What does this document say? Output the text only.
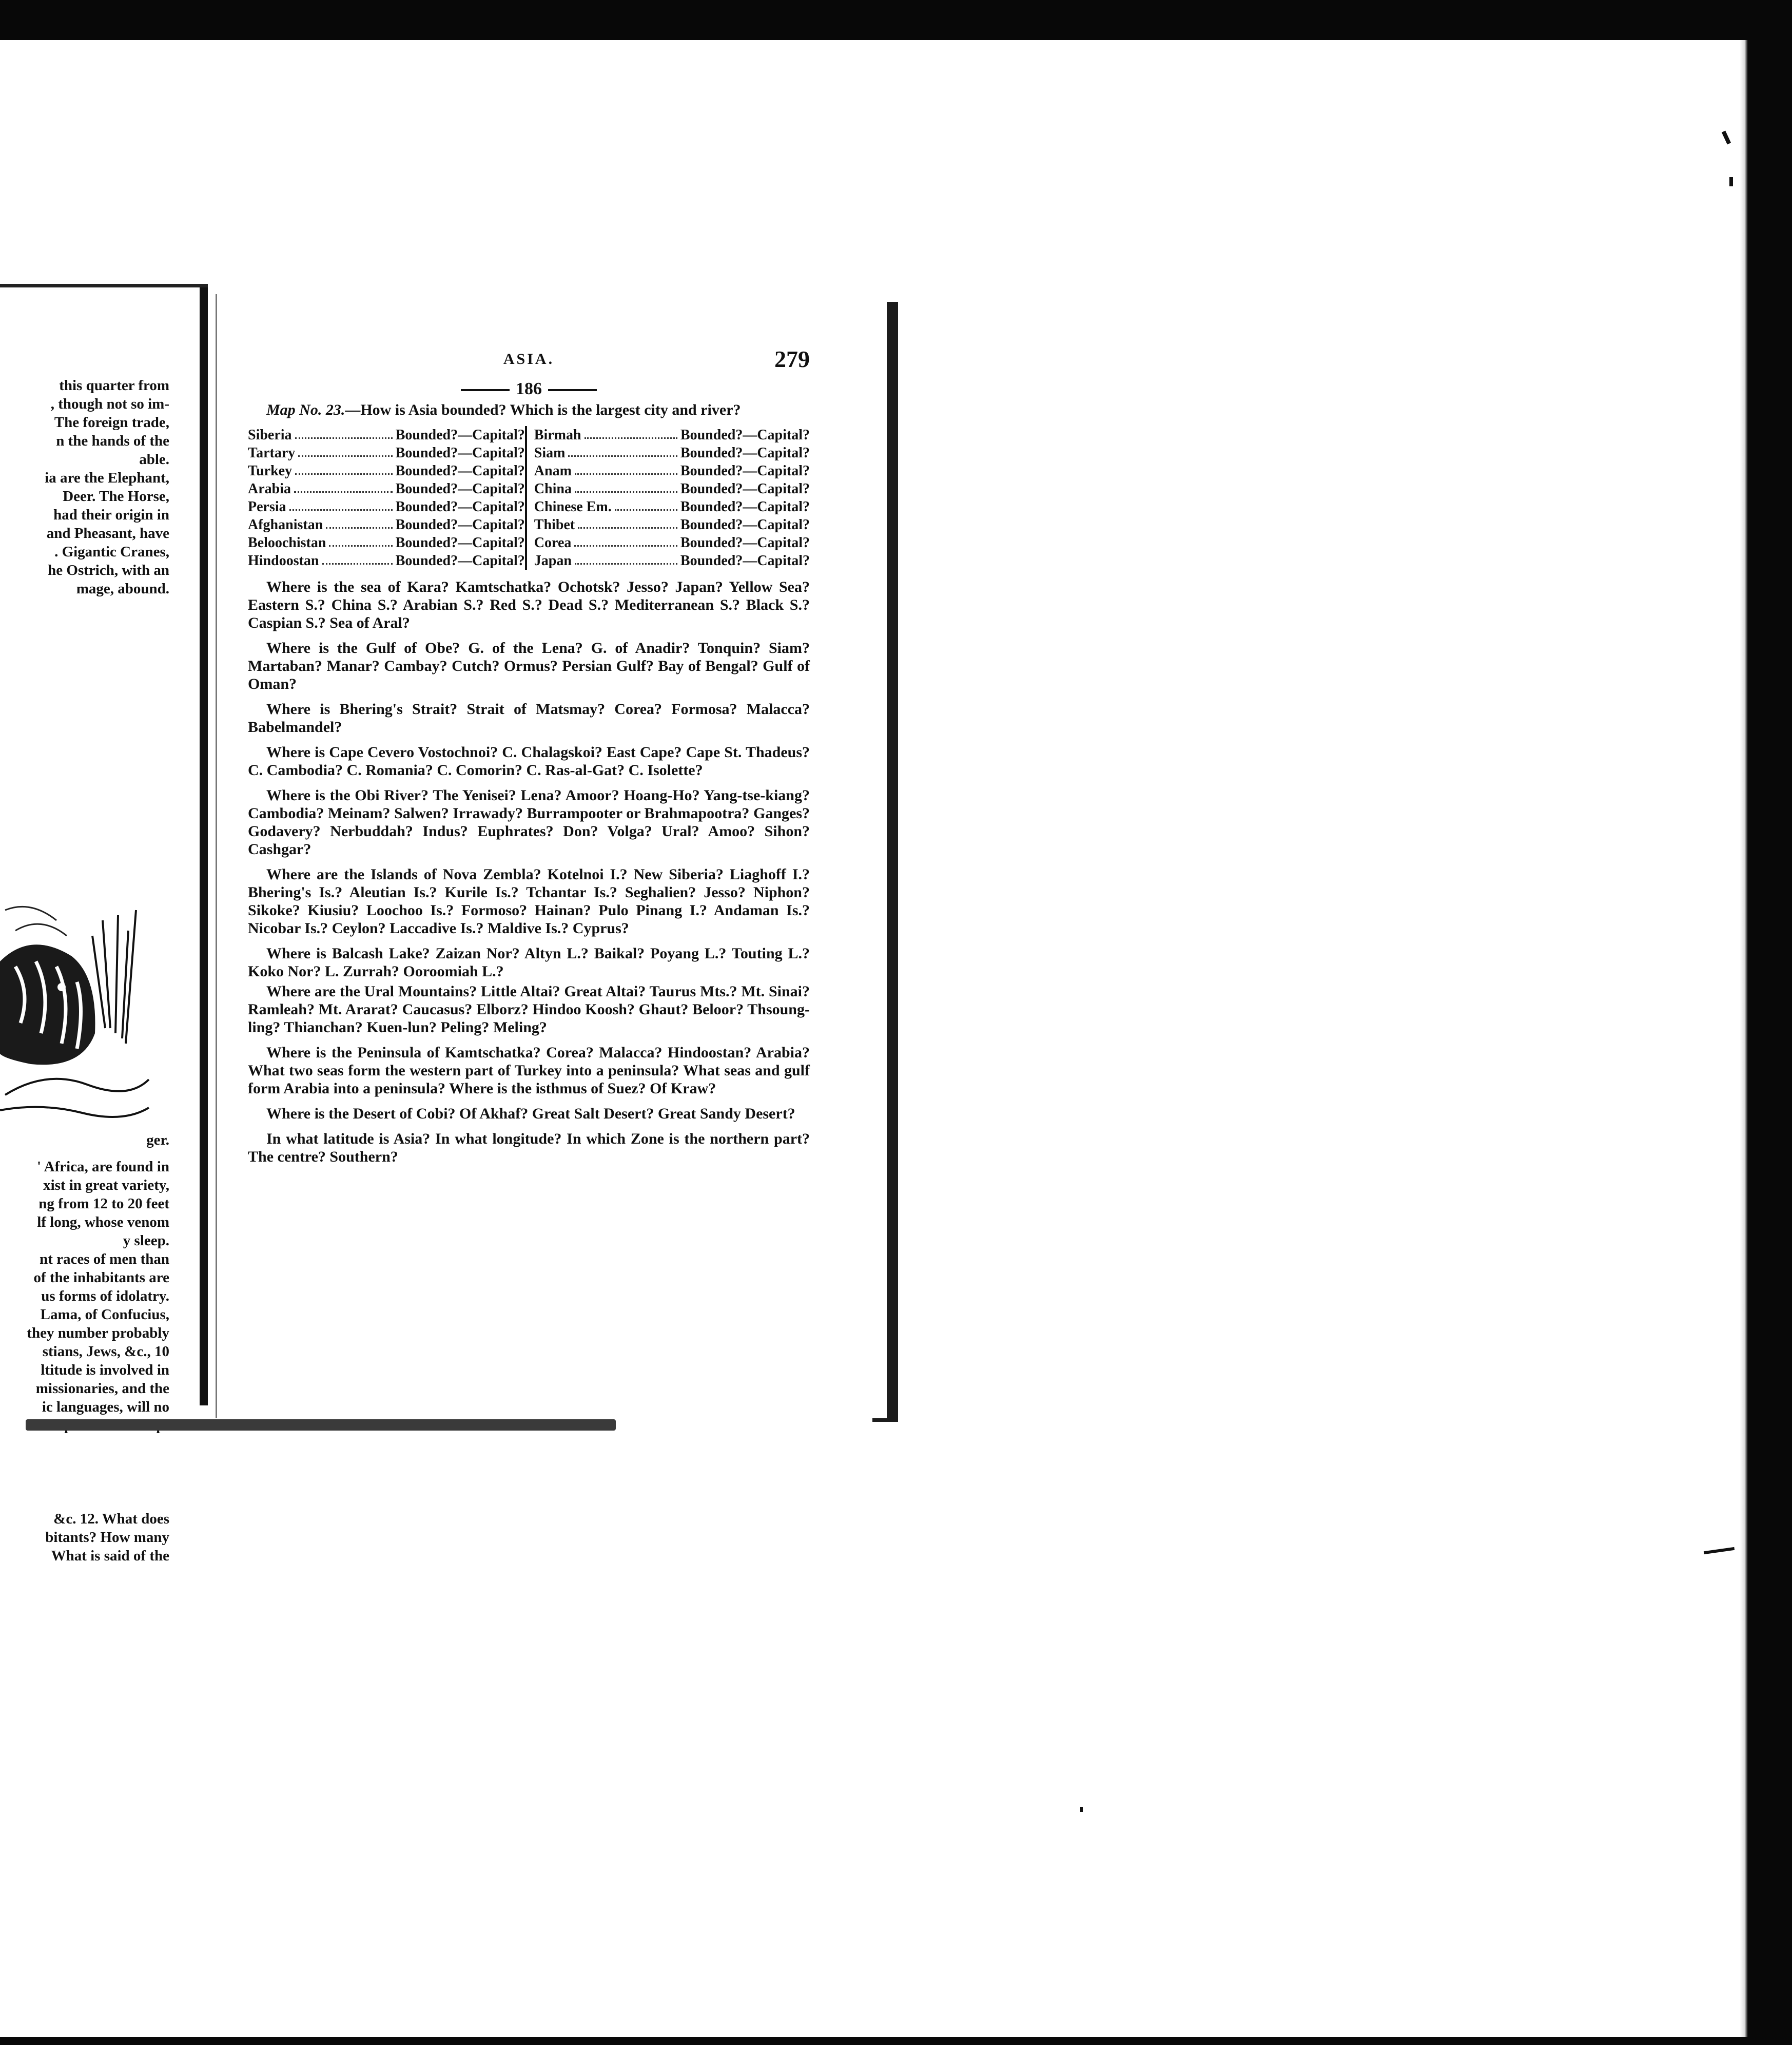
this quarter from
, though not so im-
The foreign trade,
n the hands of the
able.
ia are the Elephant,
Deer. The Horse,
had their origin in
and Pheasant, have
. Gigantic Cranes,
he Ostrich, with an
mage, abound.
ger.
' Africa, are found in
xist in great variety,
ng from 12 to 20 feet
lf long, whose venom
y sleep.
nt races of men than
of the inhabitants are
us forms of idolatry.
Lama, of Confucius,
they number probably
stians, Jews, &c., 10
ltitude is involved in
missionaries, and the
ic languages, will no
&c. 12. What does
bitants? How many
What is said of the
ASIA.	279
186

Map No. 23.—How is Asia bounded? Which is the largest city and river?

Siberia Bounded?—Capital?		Birmah Bounded?—Capital?

Tartary Bounded?—Capital?		Siam Bounded?—Capital?

Turkey Bounded?—Capital?		Anam Bounded?—Capital?

Arabia Bounded?—Capital?		China Bounded?—Capital?

Persia Bounded?—Capital?		Chinese Em. Bounded?—Capital?

Afghanistan Bounded?—Capital?		Thibet Bounded?—Capital?

Beloochistan Bounded?—Capital?		Corea Bounded?—Capital?

Hindoostan Bounded?—Capital?		Japan Bounded?—Capital?

Where is the sea of Kara? Kamtschatka? Ochotsk? Jesso? Japan? Yellow Sea? Eastern S.? China S.? Arabian S.? Red S.? Dead S.? Mediterranean S.? Black S.? Caspian S.? Sea of Aral?

Where is the Gulf of Obe? G. of the Lena? G. of Anadir? Tonquin? Siam? Martaban? Manar? Cambay? Cutch? Ormus? Persian Gulf? Bay of Bengal? Gulf of Oman?

Where is Bhering's Strait? Strait of Matsmay? Corea? Formosa? Malacca? Babelmandel?

Where is Cape Cevero Vostochnoi? C. Chalagskoi? East Cape? Cape St. Thadeus? C. Cambodia? C. Romania? C. Comorin? C. Ras-al-Gat? C. Isolette?

Where is the Obi River? The Yenisei? Lena? Amoor? Hoang-Ho? Yang-tse-kiang? Cambodia? Meinam? Salwen? Irrawady? Burrampooter or Brahmapootra? Ganges? Godavery? Nerbuddah? Indus? Euphrates? Don? Volga? Ural? Amoo? Sihon? Cashgar?

Where are the Islands of Nova Zembla? Kotelnoi I.? New Siberia? Liaghoff I.? Bhering's Is.? Aleutian Is.? Kurile Is.? Tchantar Is.? Seghalien? Jesso? Niphon? Sikoke? Kiusiu? Loochoo Is.? Formoso? Hainan? Pulo Pinang I.? Andaman Is.? Nicobar Is.? Ceylon? Laccadive Is.? Maldive Is.? Cyprus?

Where is Balcash Lake? Zaizan Nor? Altyn L.? Baikal? Poyang L.? Touting L.? Koko Nor? L. Zurrah? Ooroomiah L.?

Where are the Ural Mountains? Little Altai? Great Altai? Taurus Mts.? Mt. Sinai? Ramleah? Mt. Ararat? Caucasus? Elborz? Hindoo Koosh? Ghaut? Beloor? Thsoung-ling? Thianchan? Kuen-lun? Peling? Meling?

Where is the Peninsula of Kamtschatka? Corea? Malacca? Hindoostan? Arabia? What two seas form the western part of Turkey into a peninsula? What seas and gulf form Arabia into a peninsula? Where is the isthmus of Suez? Of Kraw?

Where is the Desert of Cobi? Of Akhaf? Great Salt Desert? Great Sandy Desert?

In what latitude is Asia? In what longitude? In which Zone is the northern part? The centre? Southern?
